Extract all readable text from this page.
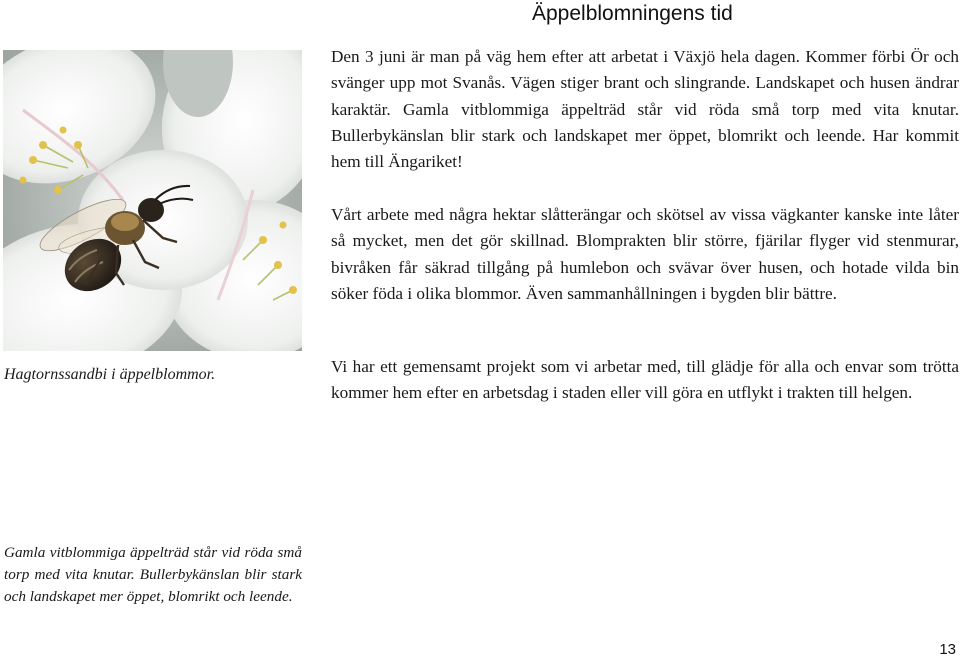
Äppelblomningens tid
Hagtornssandbi i äppelblommor.

Den 3 juni är man på väg hem efter att arbetat i Växjö hela dagen. Kommer förbi Ör och svänger upp mot Svanås. Vägen stiger brant och slingrande. Landskapet och husen ändrar karaktär. Gamla vitblommiga äppelträd står vid röda små torp med vita knutar. Bullerbykänslan blir stark och landskapet mer öppet, blomrikt och leende. Har kommit hem till Ängariket!

Vårt arbete med några hektar slåtterängar och skötsel av vissa vägkanter kanske inte låter så mycket, men det gör skillnad. Blomprakten blir större, fjärilar flyger vid stenmurar, bivråken får säkrad tillgång på humlebon och svävar över husen, och hotade vilda bin söker föda i olika blommor. Även sammanhållningen i bygden blir bättre.

Vi har ett gemensamt projekt som vi arbetar med, till glädje för alla och envar som trötta kommer hem efter en arbetsdag i staden eller vill göra en utflykt i trakten till helgen.

Gamla vitblommiga äppelträd står vid röda små torp med vita knutar. Bullerbykänslan blir stark och landskapet mer öppet, blomrikt och leende.

13
